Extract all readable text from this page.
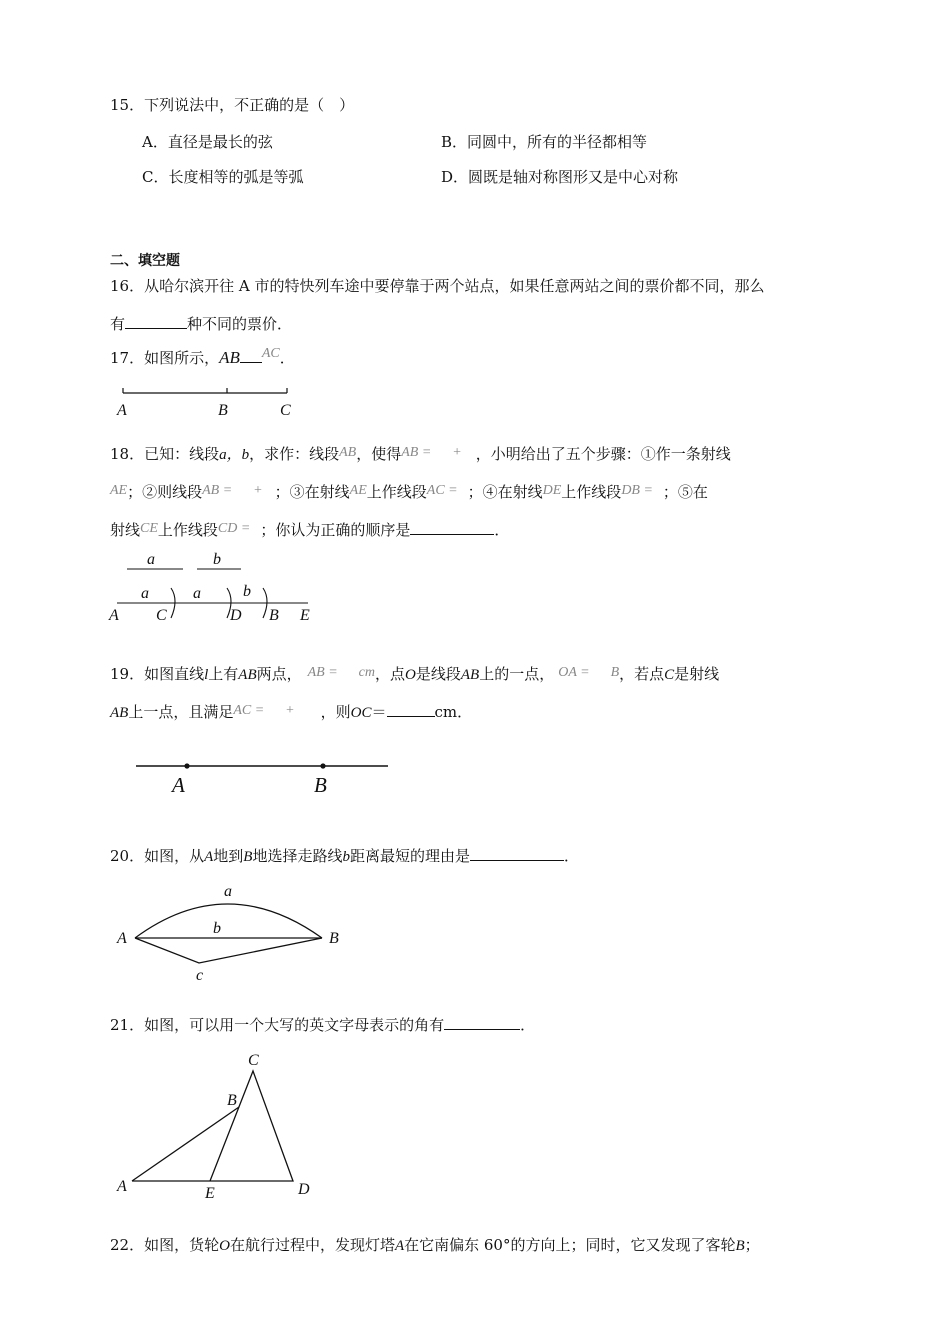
15．下列说法中，不正确的是（　）
A．直径是最长的弦	B．同圆中，所有的半径都相等
C．长度相等的弧是等弧	D．圆既是轴对称图形又是中心对称
二、填空题
16．从哈尔滨开往 A 市的特快列车途中要停靠于两个站点，如果任意两站之间的票价都不同，那么
有	种不同的票价．
17．如图所示，AB AC．
A	B	C
18．已知：线段a，b，求作：线段AB，使得AB =      + ，小明给出了五个步骤：①作一条射线
AE；②则线段AB =      + ；③在射线AE上作线段AC = ；④在射线DE上作线段DB = ；⑤在
射线CE上作线段CD = ；你认为正确的顺序是	．
a	b
a	a	b
A C	D B E
19．如图直线l上有AB两点， AB =      cm，点O是线段AB上的一点， OA =      B，若点C是射线
AB上一点，且满足AC =      + ，则OC＝	cm．
A	B
20．如图，从A地到B地选择走路线b距离最短的理由是	．
a
b
c
A	B
21．如图，可以用一个大写的英文字母表示的角有	．
C
B
A	E	D
22．如图，货轮O在航行过程中，发现灯塔A在它南偏东 60°的方向上；同时，它又发现了客轮B；
